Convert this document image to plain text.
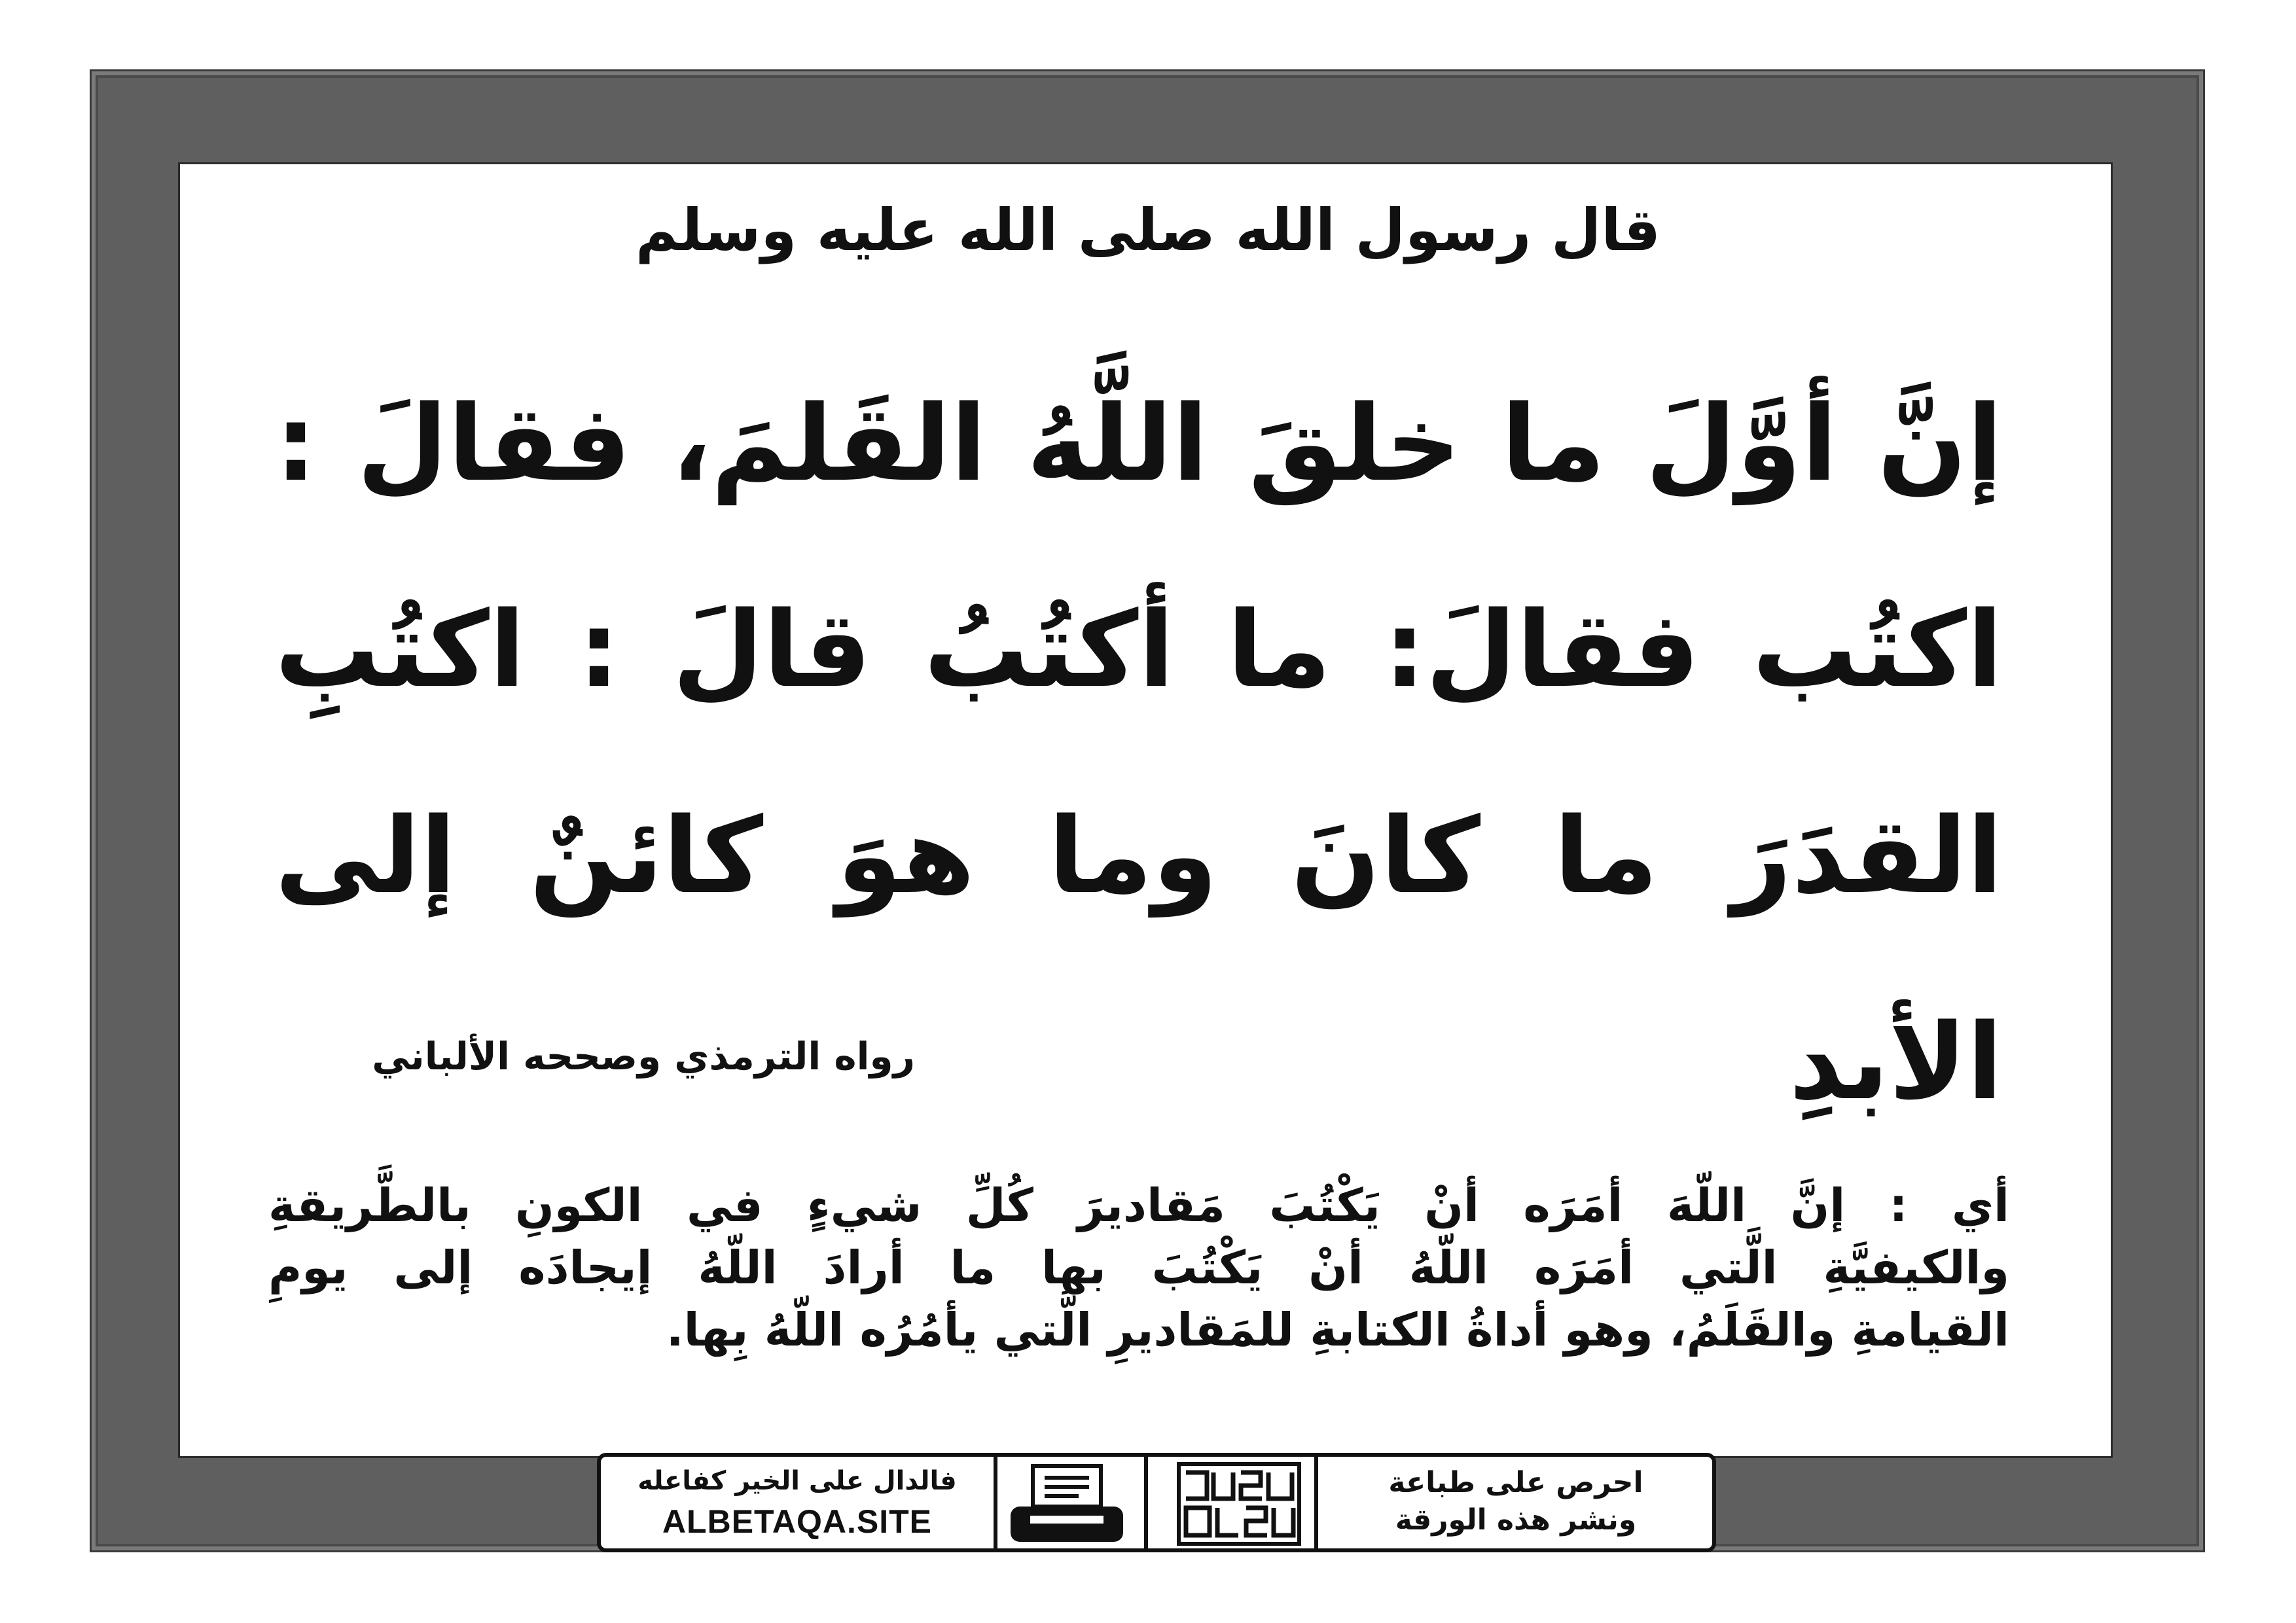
قال رسول الله صلى الله عليه وسلم
إنَّ أوَّلَ ما خلقَ اللَّهُ القَلمَ، فقالَ :
اكتُب فقالَ: ما أكتُبُ قالَ : اكتُبِ
القدَرَ ما كانَ وما هوَ كائنٌ إلى الأبدِ
رواه الترمذي وصححه الألباني
أي : إنَّ اللّهَ أمَرَه أنْ يَكْتُبَ مَقاديرَ كُلِّ شيءٍ في الكونِ بالطَّريقةِ
والكيفيَّةِ الَّتي أمَرَه اللّهُ أنْ يَكْتُبَ بها ما أرادَ اللّهُ إيجادَه إلى يومِ
القيامةِ والقَلَمُ، وهو أداةُ الكتابةِ للمَقاديرِ الَّتي يأمُرُه اللّهُ بِها.
فالدال على الخير كفاعله
ALBETAQA.SITE
احرص على طباعة
ونشر هذه الورقة
